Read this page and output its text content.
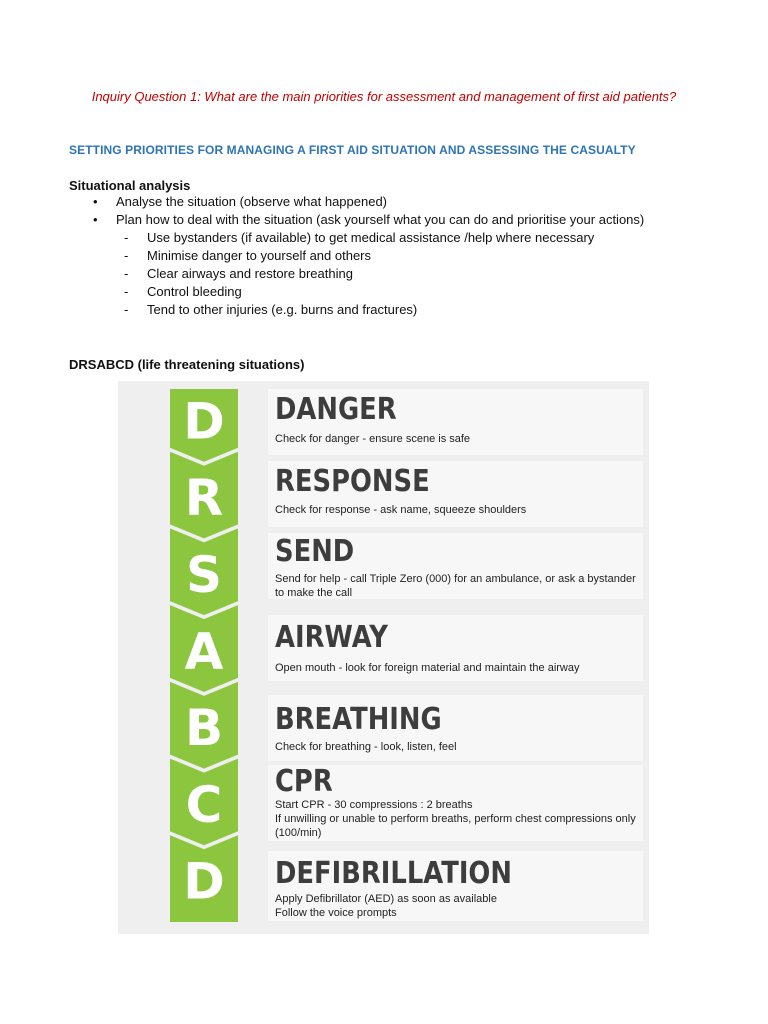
Inquiry Question 1: What are the main priorities for assessment and management of first aid patients?
SETTING PRIORITIES FOR MANAGING A FIRST AID SITUATION AND ASSESSING THE CASUALTY
Situational analysis
• Analyse the situation (observe what happened)
• Plan how to deal with the situation (ask yourself what you can do and prioritise your actions)
- Use bystanders (if available) to get medical assistance /help where necessary
- Minimise danger to yourself and others
- Clear airways and restore breathing
- Control bleeding
- Tend to other injuries (e.g. burns and fractures)
DRSABCD (life threatening situations)
D
R
S
A
B
C
D
DANGER
Check for danger - ensure scene is safe
RESPONSE
Check for response - ask name, squeeze shoulders
SEND
Send for help - call Triple Zero (000) for an ambulance, or ask a bystander to make the call
AIRWAY
Open mouth - look for foreign material and maintain the airway
BREATHING
Check for breathing - look, listen, feel
CPR
Start CPR - 30 compressions : 2 breaths
If unwilling or unable to perform breaths, perform chest compressions only (100/min)
DEFIBRILLATION
Apply Defibrillator (AED) as soon as available
Follow the voice prompts
